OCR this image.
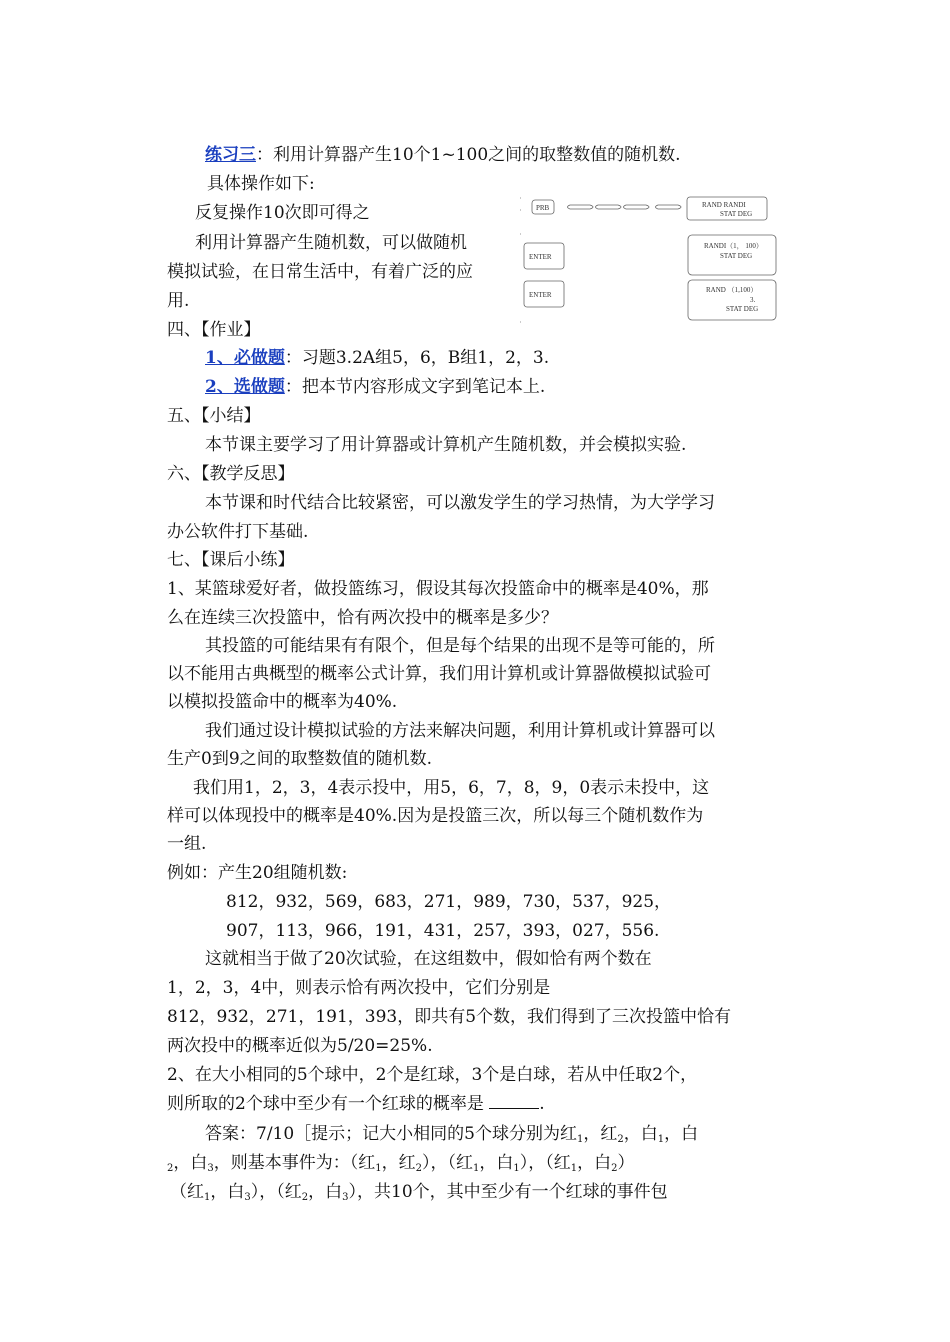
练习三：利用计算器产生10个1~100之间的取整数值的随机数.
具体操作如下:
反复操作10次即可得之
利用计算器产生随机数，可以做随机
模拟试验，在日常生活中，有着广泛的应
用.
PRB	RAND RANDI
STAT DEG
ENTER
RANDI（1， 100）
STAT DEG
ENTER
RAND （1,100）
3.
STAT DEG
四、【作业】
1、必做题：习题3.2A组5，6，B组1，2，3.
2、选做题：把本节内容形成文字到笔记本上.
五、【小结】
本节课主要学习了用计算器或计算机产生随机数，并会模拟实验.
六、【教学反思】
本节课和时代结合比较紧密，可以激发学生的学习热情，为大学学习
办公软件打下基础.
七、【课后小练】
1、某篮球爱好者，做投篮练习，假设其每次投篮命中的概率是40%，那
么在连续三次投篮中，恰有两次投中的概率是多少？
其投篮的可能结果有有限个，但是每个结果的出现不是等可能的，所
以不能用古典概型的概率公式计算，我们用计算机或计算器做模拟试验可
以模拟投篮命中的概率为40%.
我们通过设计模拟试验的方法来解决问题，利用计算机或计算器可以
生产0到9之间的取整数值的随机数.
我们用1，2，3，4表示投中，用5，6，7，8，9，0表示未投中，这
样可以体现投中的概率是40%.因为是投篮三次，所以每三个随机数作为
一组.
例如：产生20组随机数:
812，932，569，683，271，989，730，537，925，
907，113，966，191，431，257，393，027，556.
这就相当于做了20次试验，在这组数中，假如恰有两个数在
1，2，3，4中，则表示恰有两次投中，它们分别是
812，932，271，191，393，即共有5个数，我们得到了三次投篮中恰有
两次投中的概率近似为5/20=25%.
2、在大小相同的5个球中，2个是红球，3个是白球，若从中任取2个，
则所取的2个球中至少有一个红球的概率是	.
答案：7/10［提示；记大小相同的5个球分别为红$_1$，红$_2$，白$_1$，白
$_2$，白$_3$，则基本事件为：（红$_1$，红$_2$），（红$_1$，白$_1$），（红$_1$，白$_2$）
（红$_1$，白$_3$），（红$_2$，白$_3$），共10个，其中至少有一个红球的事件包
